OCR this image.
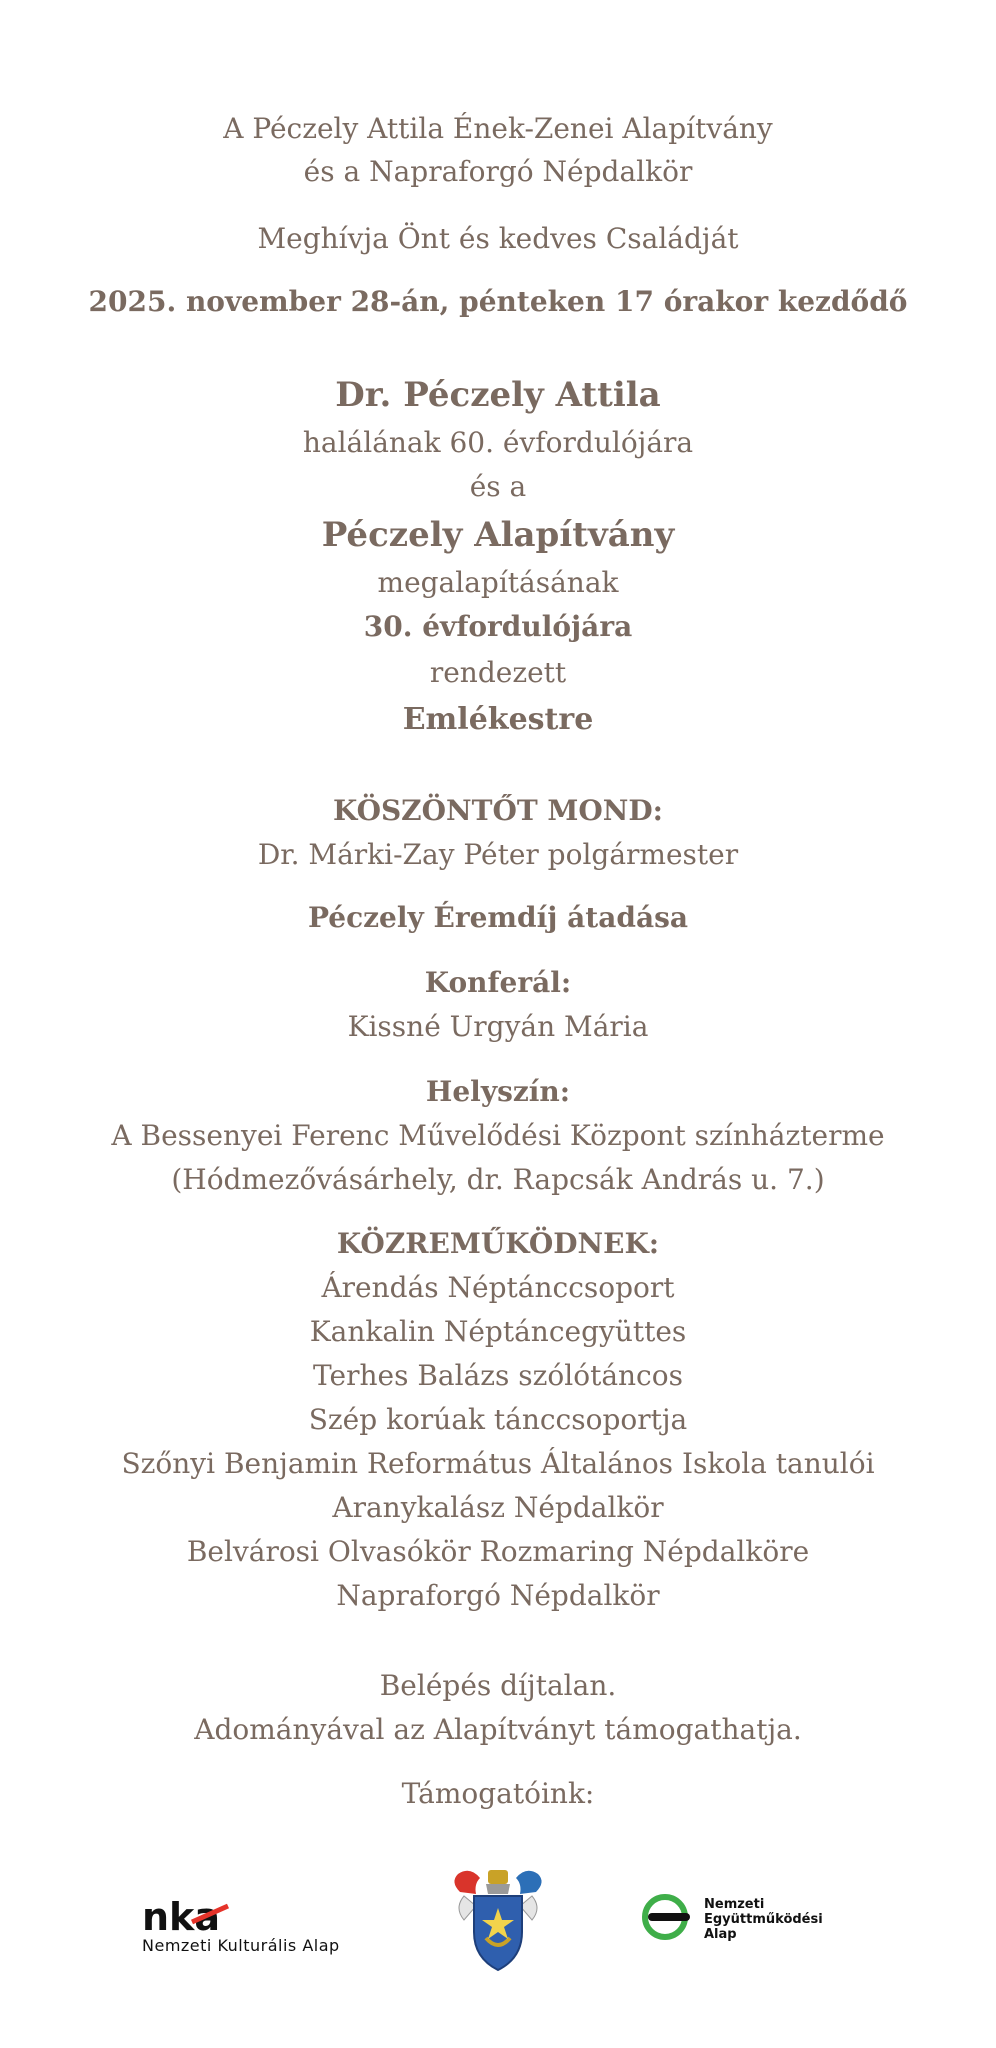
A Péczely Attila Ének-Zenei Alapítvány
és a Napraforgó Népdalkör
Meghívja Önt és kedves Családját
2025. november 28-án, pénteken 17 órakor kezdődő
Dr. Péczely Attila
halálának 60. évfordulójára
és a
Péczely Alapítvány
megalapításának
30. évfordulójára
rendezett
Emlékestre
KÖSZÖNTŐT MOND:
Dr. Márki-Zay Péter polgármester
Péczely Éremdíj átadása
Konferál:
Kissné Urgyán Mária
Helyszín:
A Bessenyei Ferenc Művelődési Központ színházterme
(Hódmezővásárhely, dr. Rapcsák András u. 7.)
KÖZREMŰKÖDNEK:
Árendás Néptánccsoport
Kankalin Néptáncegyüttes
Terhes Balázs szólótáncos
Szép korúak tánccsoportja
Szőnyi Benjamin Református Általános Iskola tanulói
Aranykalász Népdalkör
Belvárosi Olvasókör Rozmaring Népdalköre
Napraforgó Népdalkör
Belépés díjtalan.
Adományával az Alapítványt támogathatja.
Támogatóink:
nka
Nemzeti Kulturális Alap
Nemzeti
Együttműködési
Alap
